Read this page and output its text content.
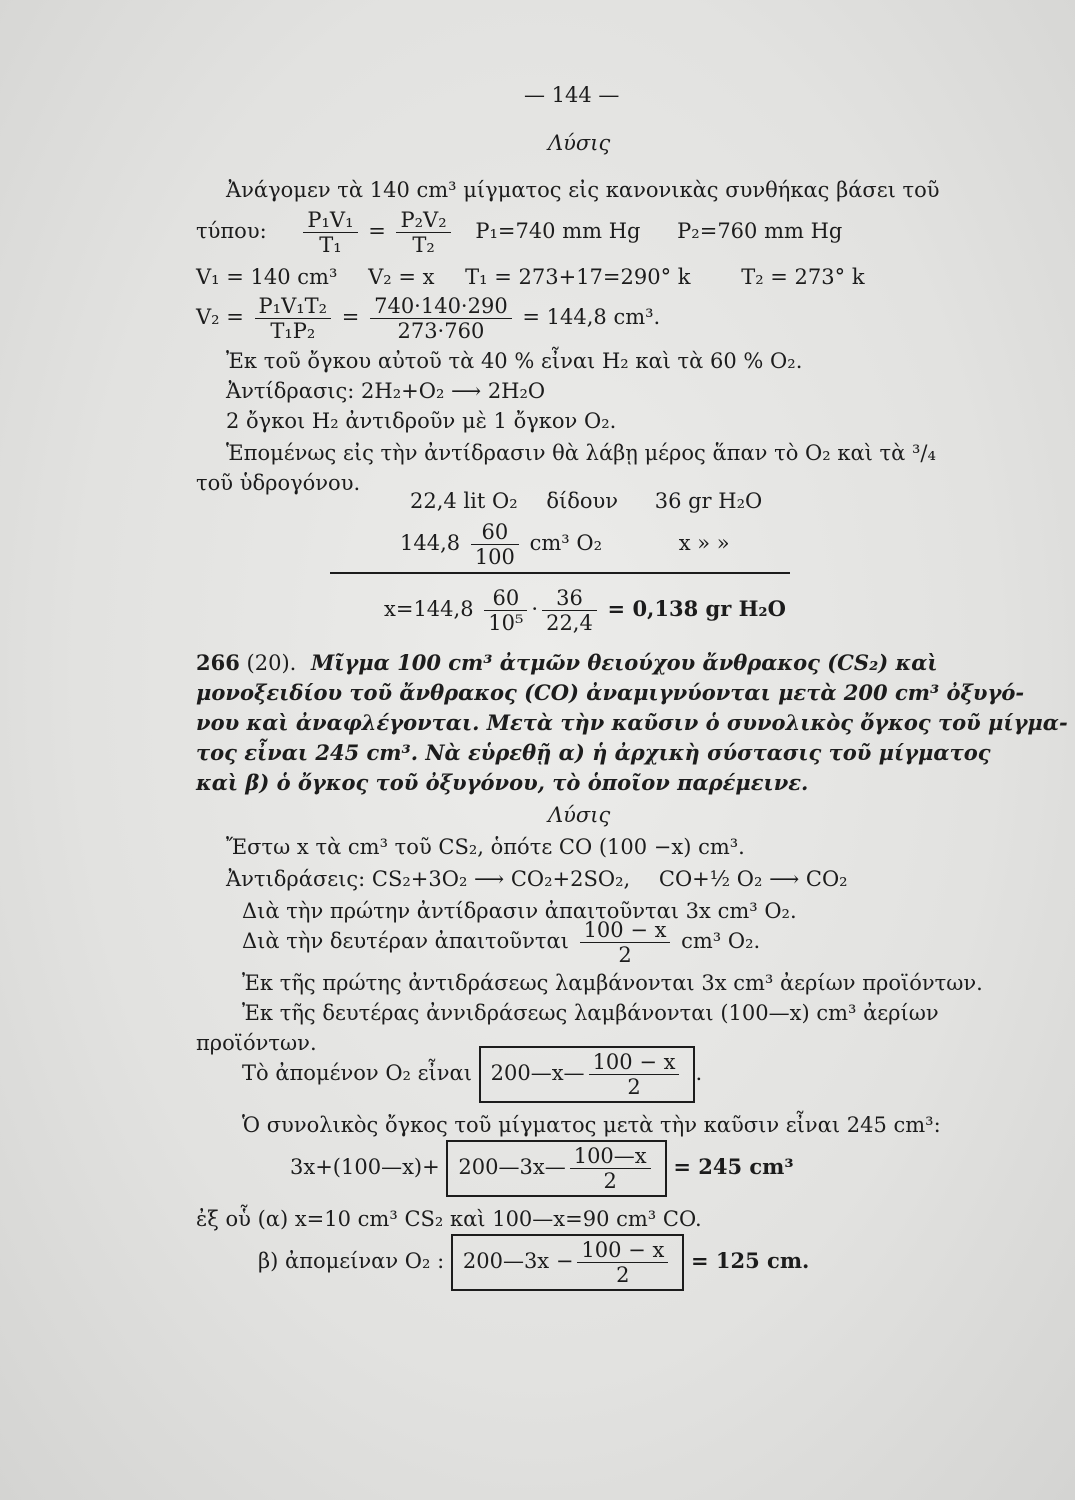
— 144 —
Λύσις
Ἀνάγομεν τὰ 140 cm³ μίγματος εἰς κανονικὰς συνθήκας βάσει τοῦ
τύπου: $\frac{\text{P₁V₁}}{\text{T₁}} = \frac{\text{P₂V₂}}{\text{T₂}} P_1=740$ mm Hg P₂=760 mm Hg
V₁ = 140 cm³ V₂ = x T₁ = 273+17=290° k T₂ = 273° k
$V_2 = \frac{\text{P₁V₁T₂}}{\text{T₁P₂}} = \frac{740\cdot 140\cdot 290}{273\cdot 760} = 144,8$ cm³.
Ἐκ τοῦ ὄγκου αὐτοῦ τὰ 40 % εἶναι H₂ καὶ τὰ 60 % O₂.
Ἀντίδρασις: 2H₂+O₂ ⟶ 2H₂O
2 ὄγκοι H₂ ἀντιδροῦν μὲ 1 ὄγκον O₂.
Ἑπομένως εἰς τὴν ἀντίδρασιν θὰ λάβῃ μέρος ἅπαν τὸ O₂ καὶ τὰ ³/₄
τοῦ ὑδρογόνου.
22,4 lit O₂ δίδουν 36 gr H₂O
$144,8 \frac{60}{100} cm^3$ O₂	x » »
$x=144,8 \frac{60}{\text{10⁵}} \cdot \frac{36}{22,4} = 0,138$ gr H₂O
266 (20). Μῖγμα 100 cm³ ἀτμῶν θειούχου ἄνθρακος (CS₂) καὶ
μονοξειδίου τοῦ ἄνθρακος (CO) ἀναμιγνύονται μετὰ 200 cm³ ὀξυγό-
νου καὶ ἀναφλέγονται. Μετὰ τὴν καῦσιν ὁ συνολικὸς ὄγκος τοῦ μίγμα-
τος εἶναι 245 cm³. Νὰ εὑρεθῇ α) ἡ ἀρχικὴ σύστασις τοῦ μίγματος
καὶ β) ὁ ὄγκος τοῦ ὀξυγόνου, τὸ ὁποῖον παρέμεινε.
Λύσις
Ἔστω x τὰ cm³ τοῦ CS₂, ὁπότε CO (100 −x) cm³.
Ἀντιδράσεις: CS₂+3O₂ ⟶ CO₂+2SO₂, CO+½ O₂ ⟶ CO₂
Διὰ τὴν πρώτην ἀντίδρασιν ἀπαιτοῦνται 3x cm³ O₂.
Διὰ τὴν δευτέραν ἀπαιτοῦνται $\frac{100 - x}{2} cm^3$ O₂.
Ἐκ τῆς πρώτης ἀντιδράσεως λαμβάνονται 3x cm³ ἀερίων προϊόντων.
Ἐκ τῆς δευτέρας ἀννιδράσεως λαμβάνονται (100—x) cm³ ἀερίων
προϊόντων.
Τὸ ἀπομένον O₂ εἶναι 200—x— $\frac{100 - x}{2}$ .
Ὁ συνολικὸς ὄγκος τοῦ μίγματος μετὰ τὴν καῦσιν εἶναι 245 cm³:
3x+(100—x)+ 200—3x— $\frac{100—x}{2} = 245$ cm³
ἐξ οὗ (α) x=10 cm³ CS₂ καὶ 100—x=90 cm³ CO.
β) ἀπομείναν O₂ : 200—3x − $\frac{100 - x}{2} = 125$ cm.
